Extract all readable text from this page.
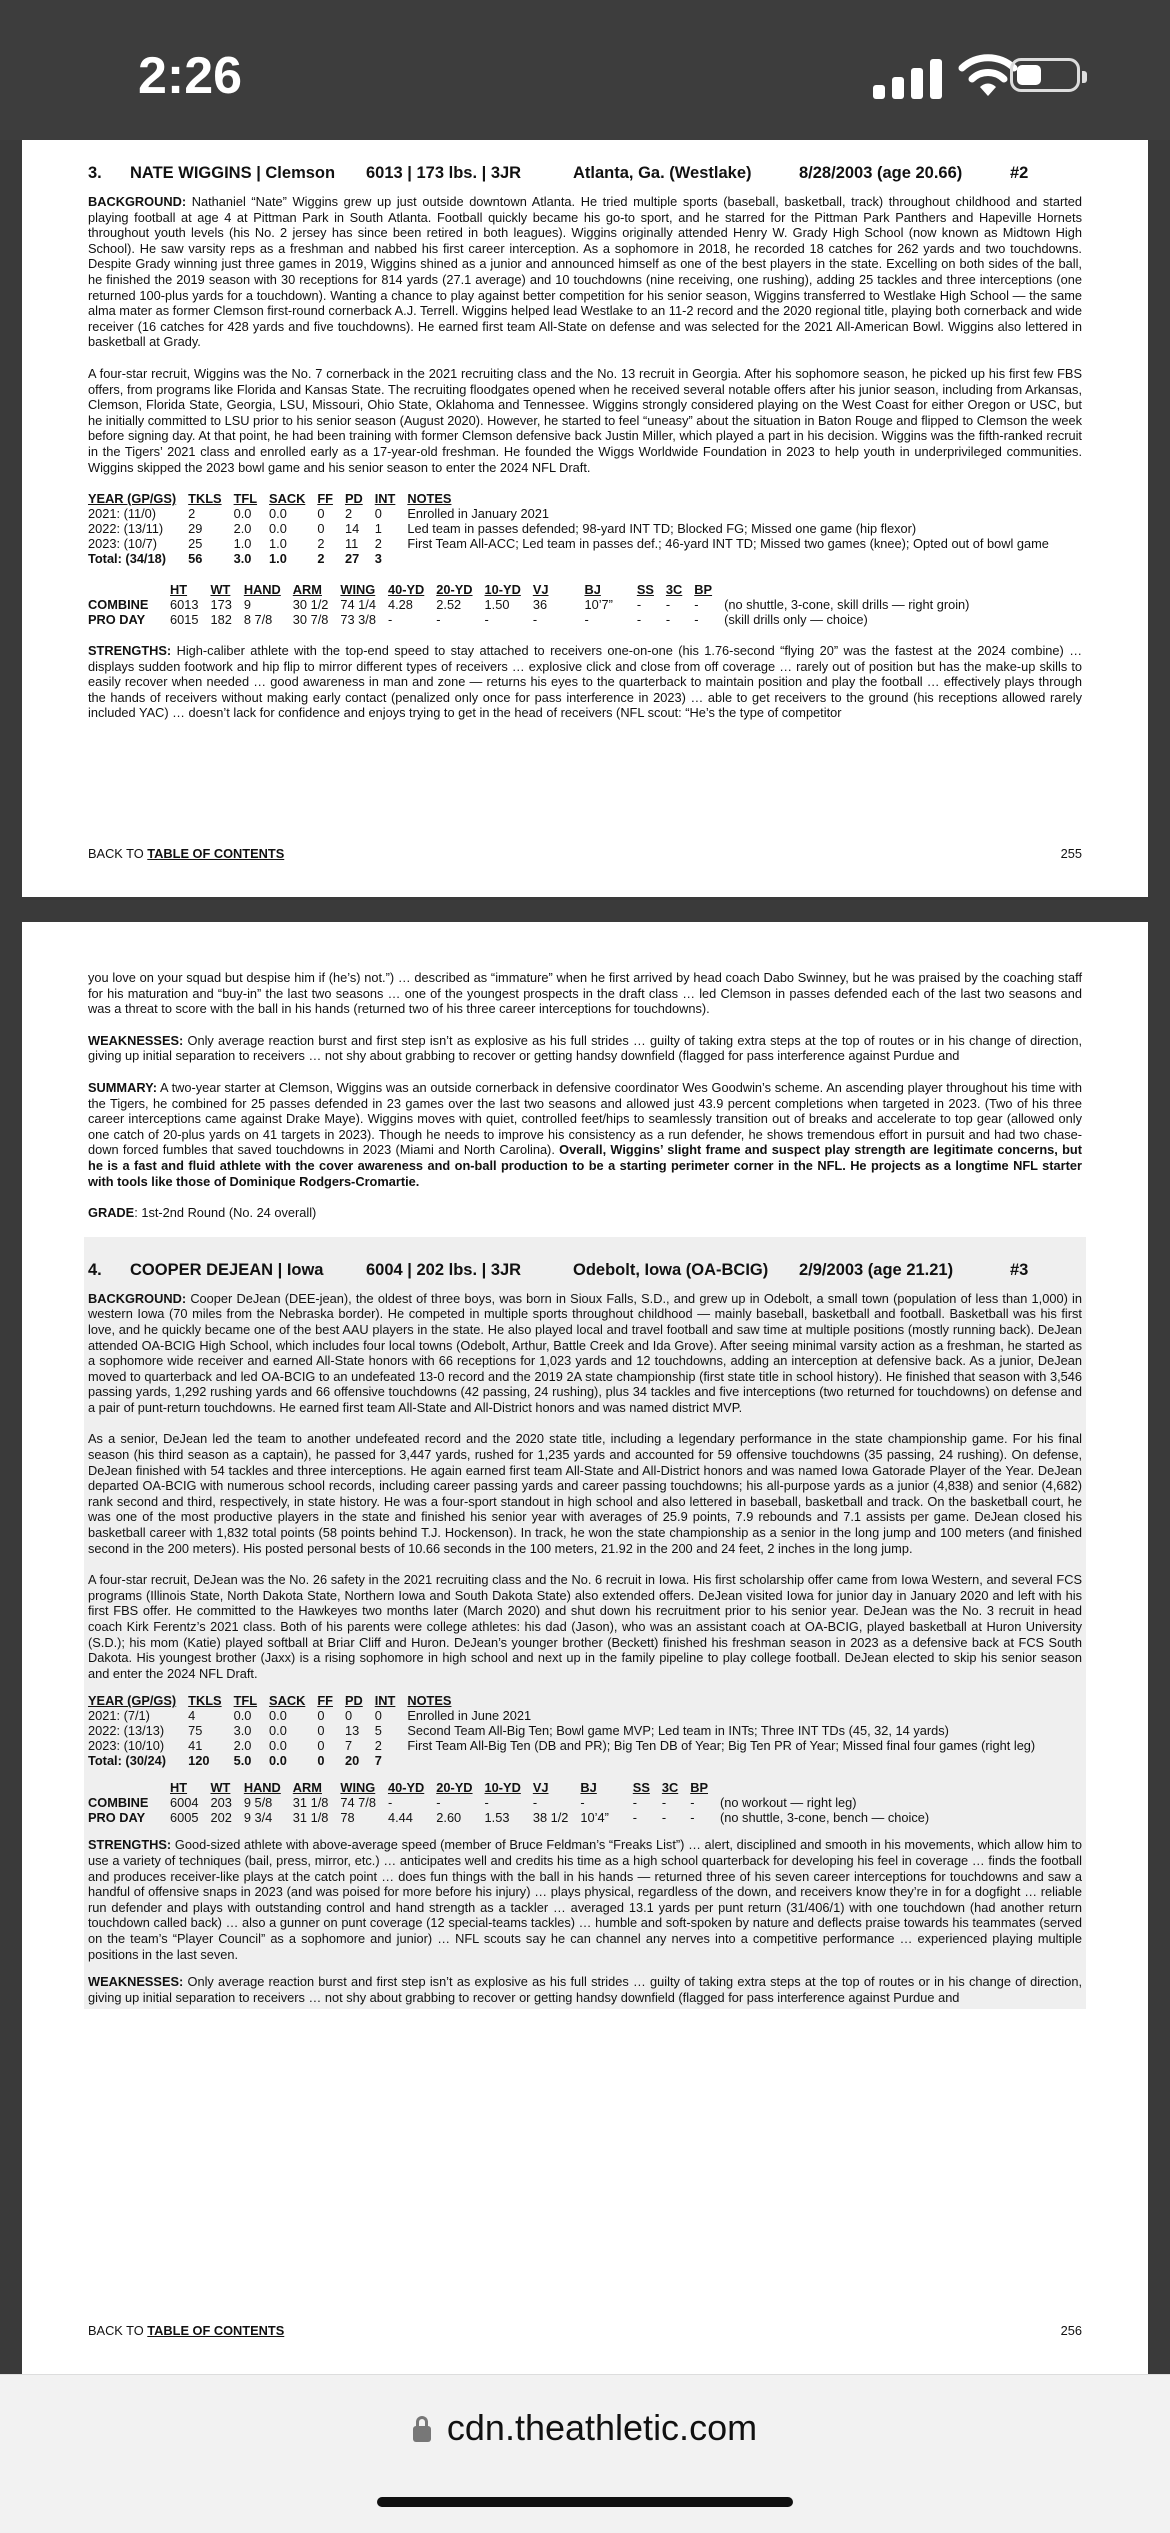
2:26
3.	NATE WIGGINS | Clemson	6013 | 173 lbs. | 3JR	Atlanta, Ga. (Westlake)	8/28/2003 (age 20.66)	#2

BACKGROUND: Nathaniel “Nate” Wiggins grew up just outside downtown Atlanta. He tried multiple sports (baseball, basketball, track) throughout childhood and started playing football at age 4 at Pittman Park in South Atlanta. Football quickly became his go-to sport, and he starred for the Pittman Park Panthers and Hapeville Hornets throughout youth levels (his No. 2 jersey has since been retired in both leagues). Wiggins originally attended Henry W. Grady High School (now known as Midtown High School). He saw varsity reps as a freshman and nabbed his first career interception. As a sophomore in 2018, he recorded 18 catches for 262 yards and two touchdowns. Despite Grady winning just three games in 2019, Wiggins shined as a junior and announced himself as one of the best players in the state. Excelling on both sides of the ball, he finished the 2019 season with 30 receptions for 814 yards (27.1 average) and 10 touchdowns (nine receiving, one rushing), adding 25 tackles and three interceptions (one returned 100-plus yards for a touchdown). Wanting a chance to play against better competition for his senior season, Wiggins transferred to Westlake High School — the same alma mater as former Clemson first-round cornerback A.J. Terrell. Wiggins helped lead Westlake to an 11-2 record and the 2020 regional title, playing both cornerback and wide receiver (16 catches for 428 yards and five touchdowns). He earned first team All-State on defense and was selected for the 2021 All-American Bowl. Wiggins also lettered in basketball at Grady.

A four-star recruit, Wiggins was the No. 7 cornerback in the 2021 recruiting class and the No. 13 recruit in Georgia. After his sophomore season, he picked up his first few FBS offers, from programs like Florida and Kansas State. The recruiting floodgates opened when he received several notable offers after his junior season, including from Arkansas, Clemson, Florida State, Georgia, LSU, Missouri, Ohio State, Oklahoma and Tennessee. Wiggins strongly considered playing on the West Coast for either Oregon or USC, but he initially committed to LSU prior to his senior season (August 2020). However, he started to feel “uneasy” about the situation in Baton Rouge and flipped to Clemson the week before signing day. At that point, he had been training with former Clemson defensive back Justin Miller, which played a part in his decision. Wiggins was the fifth-ranked recruit in the Tigers’ 2021 class and enrolled early as a 17-year-old freshman. He founded the Wiggs Worldwide Foundation in 2023 to help youth in underprivileged communities. Wiggins skipped the 2023 bowl game and his senior season to enter the 2024 NFL Draft.

YEAR (GP/GS)	TKLS	TFL	SACK	FF	PD	INT	NOTES
2021: (11/0)	2	0.0	0.0	0	2	0	Enrolled in January 2021
2022: (13/11)	29	2.0	0.0	0	14	1	Led team in passes defended; 98-yard INT TD; Blocked FG; Missed one game (hip flexor)
2023: (10/7)	25	1.0	1.0	2	11	2	First Team All-ACC; Led team in passes def.; 46-yard INT TD; Missed two games (knee); Opted out of bowl game
Total: (34/18)	56	3.0	1.0	2	27	3	
	HT	WT	HAND	ARM	WING	40-YD	20-YD	10-YD	VJ	BJ	SS	3C	BP	
COMBINE	6013	173	9	30 1/2	74 1/4	4.28	2.52	1.50	36	10’7”	-	-	-	(no shuttle, 3-cone, skill drills — right groin)
PRO DAY	6015	182	8 7/8	30 7/8	73 3/8	-	-	-	-	-	-	-	-	(skill drills only — choice)

STRENGTHS: High-caliber athlete with the top-end speed to stay attached to receivers one-on-one (his 1.76-second “flying 20” was the fastest at the 2024 combine) … displays sudden footwork and hip flip to mirror different types of receivers … explosive click and close from off coverage … rarely out of position but has the make-up skills to easily recover when needed … good awareness in man and zone — returns his eyes to the quarterback to maintain position and play the football … effectively plays through the hands of receivers without making early contact (penalized only once for pass interference in 2023) … able to get receivers to the ground (his receptions allowed rarely included YAC) … doesn’t lack for confidence and enjoys trying to get in the head of receivers (NFL scout: “He’s the type of competitor

BACK TO TABLE OF CONTENTS	255

you love on your squad but despise him if (he’s) not.”) … described as “immature” when he first arrived by head coach Dabo Swinney, but he was praised by the coaching staff for his maturation and “buy-in” the last two seasons … one of the youngest prospects in the draft class … led Clemson in passes defended each of the last two seasons and was a threat to score with the ball in his hands (returned two of his three career interceptions for touchdowns).

WEAKNESSES: Only average reaction burst and first step isn’t as explosive as his full strides … guilty of taking extra steps at the top of routes or in his change of direction, giving up initial separation to receivers … not shy about grabbing to recover or getting handsy downfield (flagged for pass interference against Purdue and

SUMMARY: A two-year starter at Clemson, Wiggins was an outside cornerback in defensive coordinator Wes Goodwin’s scheme. An ascending player throughout his time with the Tigers, he combined for 25 passes defended in 23 games over the last two seasons and allowed just 43.9 percent completions when targeted in 2023. (Two of his three career interceptions came against Drake Maye). Wiggins moves with quiet, controlled feet/hips to seamlessly transition out of breaks and accelerate to top gear (allowed only one catch of 20-plus yards on 41 targets in 2023). Though he needs to improve his consistency as a run defender, he shows tremendous effort in pursuit and had two chase-down forced fumbles that saved touchdowns in 2023 (Miami and North Carolina). Overall, Wiggins’ slight frame and suspect play strength are legitimate concerns, but he is a fast and fluid athlete with the cover awareness and on-ball production to be a starting perimeter corner in the NFL. He projects as a longtime NFL starter with tools like those of Dominique Rodgers-Cromartie.

GRADE: 1st-2nd Round (No. 24 overall)

4.	COOPER DEJEAN | Iowa	6004 | 202 lbs. | 3JR	Odebolt, Iowa (OA-BCIG)	2/9/2003 (age 21.21)	#3

BACKGROUND: Cooper DeJean (DEE-jean), the oldest of three boys, was born in Sioux Falls, S.D., and grew up in Odebolt, a small town (population of less than 1,000) in western Iowa (70 miles from the Nebraska border). He competed in multiple sports throughout childhood — mainly baseball, basketball and football. Basketball was his first love, and he quickly became one of the best AAU players in the state. He also played local and travel football and saw time at multiple positions (mostly running back). DeJean attended OA-BCIG High School, which includes four local towns (Odebolt, Arthur, Battle Creek and Ida Grove). After seeing minimal varsity action as a freshman, he started as a sophomore wide receiver and earned All-State honors with 66 receptions for 1,023 yards and 12 touchdowns, adding an interception at defensive back. As a junior, DeJean moved to quarterback and led OA-BCIG to an undefeated 13-0 record and the 2019 2A state championship (first state title in school history). He finished that season with 3,546 passing yards, 1,292 rushing yards and 66 offensive touchdowns (42 passing, 24 rushing), plus 34 tackles and five interceptions (two returned for touchdowns) on defense and a pair of punt-return touchdowns. He earned first team All-State and All-District honors and was named district MVP.

As a senior, DeJean led the team to another undefeated record and the 2020 state title, including a legendary performance in the state championship game. For his final season (his third season as a captain), he passed for 3,447 yards, rushed for 1,235 yards and accounted for 59 offensive touchdowns (35 passing, 24 rushing). On defense, DeJean finished with 54 tackles and three interceptions. He again earned first team All-State and All-District honors and was named Iowa Gatorade Player of the Year. DeJean departed OA-BCIG with numerous school records, including career passing yards and career passing touchdowns; his all-purpose yards as a junior (4,838) and senior (4,682) rank second and third, respectively, in state history. He was a four-sport standout in high school and also lettered in baseball, basketball and track. On the basketball court, he was one of the most productive players in the state and finished his senior year with averages of 25.9 points, 7.9 rebounds and 7.1 assists per game. DeJean closed his basketball career with 1,832 total points (58 points behind T.J. Hockenson). In track, he won the state championship as a senior in the long jump and 100 meters (and finished second in the 200 meters). His posted personal bests of 10.66 seconds in the 100 meters, 21.92 in the 200 and 24 feet, 2 inches in the long jump.

A four-star recruit, DeJean was the No. 26 safety in the 2021 recruiting class and the No. 6 recruit in Iowa. His first scholarship offer came from Iowa Western, and several FCS programs (Illinois State, North Dakota State, Northern Iowa and South Dakota State) also extended offers. DeJean visited Iowa for junior day in January 2020 and left with his first FBS offer. He committed to the Hawkeyes two months later (March 2020) and shut down his recruitment prior to his senior year. DeJean was the No. 3 recruit in head coach Kirk Ferentz’s 2021 class. Both of his parents were college athletes: his dad (Jason), who was an assistant coach at OA-BCIG, played basketball at Huron University (S.D.); his mom (Katie) played softball at Briar Cliff and Huron. DeJean’s younger brother (Beckett) finished his freshman season in 2023 as a defensive back at FCS South Dakota. His youngest brother (Jaxx) is a rising sophomore in high school and next up in the family pipeline to play college football. DeJean elected to skip his senior season and enter the 2024 NFL Draft.

YEAR (GP/GS)	TKLS	TFL	SACK	FF	PD	INT	NOTES
2021: (7/1)	4	0.0	0.0	0	0	0	Enrolled in June 2021
2022: (13/13)	75	3.0	0.0	0	13	5	Second Team All-Big Ten; Bowl game MVP; Led team in INTs; Three INT TDs (45, 32, 14 yards)
2023: (10/10)	41	2.0	0.0	0	7	2	First Team All-Big Ten (DB and PR); Big Ten DB of Year; Big Ten PR of Year; Missed final four games (right leg)
Total: (30/24)	120	5.0	0.0	0	20	7	
	HT	WT	HAND	ARM	WING	40-YD	20-YD	10-YD	VJ	BJ	SS	3C	BP	
COMBINE	6004	203	9 5/8	31 1/8	74 7/8	-	-	-	-	-	-	-	-	(no workout — right leg)
PRO DAY	6005	202	9 3/4	31 1/8	78	4.44	2.60	1.53	38 1/2	10’4”	-	-	-	(no shuttle, 3-cone, bench — choice)

STRENGTHS: Good-sized athlete with above-average speed (member of Bruce Feldman’s “Freaks List”) … alert, disciplined and smooth in his movements, which allow him to use a variety of techniques (bail, press, mirror, etc.) … anticipates well and credits his time as a high school quarterback for developing his feel in coverage … finds the football and produces receiver-like plays at the catch point … does fun things with the ball in his hands — returned three of his seven career interceptions for touchdowns and saw a handful of offensive snaps in 2023 (and was poised for more before his injury) … plays physical, regardless of the down, and receivers know they’re in for a dogfight … reliable run defender and plays with outstanding control and hand strength as a tackler … averaged 13.1 yards per punt return (31/406/1) with one touchdown (had another return touchdown called back) … also a gunner on punt coverage (12 special-teams tackles) … humble and soft-spoken by nature and deflects praise towards his teammates (served on the team’s “Player Council” as a sophomore and junior) … NFL scouts say he can channel any nerves into a competitive performance … experienced playing multiple positions in the last seven.

WEAKNESSES: Only average reaction burst and first step isn’t as explosive as his full strides … guilty of taking extra steps at the top of routes or in his change of direction, giving up initial separation to receivers … not shy about grabbing to recover or getting handsy downfield (flagged for pass interference against Purdue and

BACK TO TABLE OF CONTENTS	256
cdn.theathletic.com
